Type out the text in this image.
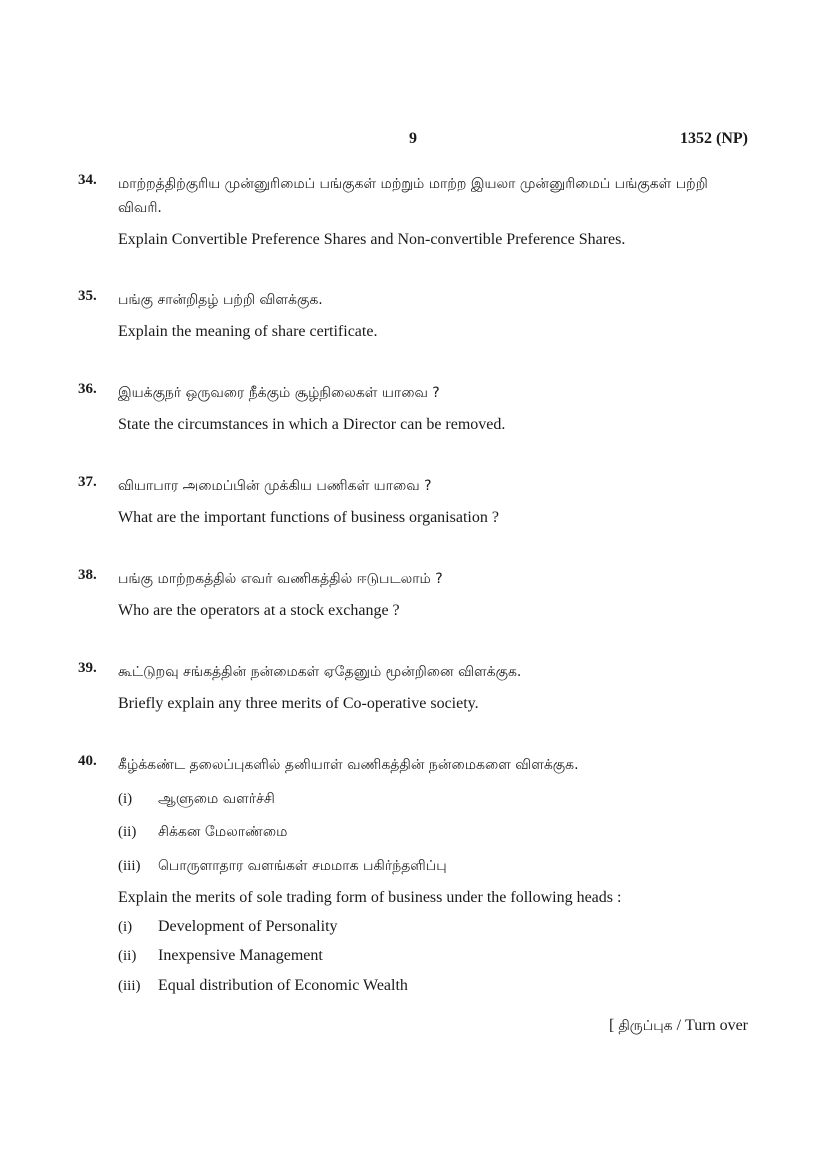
9	1352 (NP)
34. மாற்றத்திற்குரிய முன்னுரிமைப் பங்குகள் மற்றும் மாற்ற இயலா முன்னுரிமைப் பங்குகள் பற்றி விவரி.
Explain Convertible Preference Shares and Non-convertible Preference Shares.
35. பங்கு சான்றிதழ் பற்றி விளக்குக.
Explain the meaning of share certificate.
36. இயக்குநர் ஒருவரை நீக்கும் சூழ்நிலைகள் யாவை ?
State the circumstances in which a Director can be removed.
37. வியாபார அமைப்பின் முக்கிய பணிகள் யாவை ?
What are the important functions of business organisation ?
38. பங்கு மாற்றகத்தில் எவர் வணிகத்தில் ஈடுபடலாம் ?
Who are the operators at a stock exchange ?
39. கூட்டுறவு சங்கத்தின் நன்மைகள் ஏதேனும் மூன்றினை விளக்குக.
Briefly explain any three merits of Co-operative society.
40. கீழ்க்கண்ட தலைப்புகளில் தனியாள் வணிகத்தின் நன்மைகளை விளக்குக.
(i) ஆளுமை வளர்ச்சி
(ii) சிக்கன மேலாண்மை
(iii) பொருளாதார வளங்கள் சமமாக பகிர்ந்தளிப்பு
Explain the merits of sole trading form of business under the following heads :
(i) Development of Personality
(ii) Inexpensive Management
(iii) Equal distribution of Economic Wealth
[ திருப்புக / Turn over
